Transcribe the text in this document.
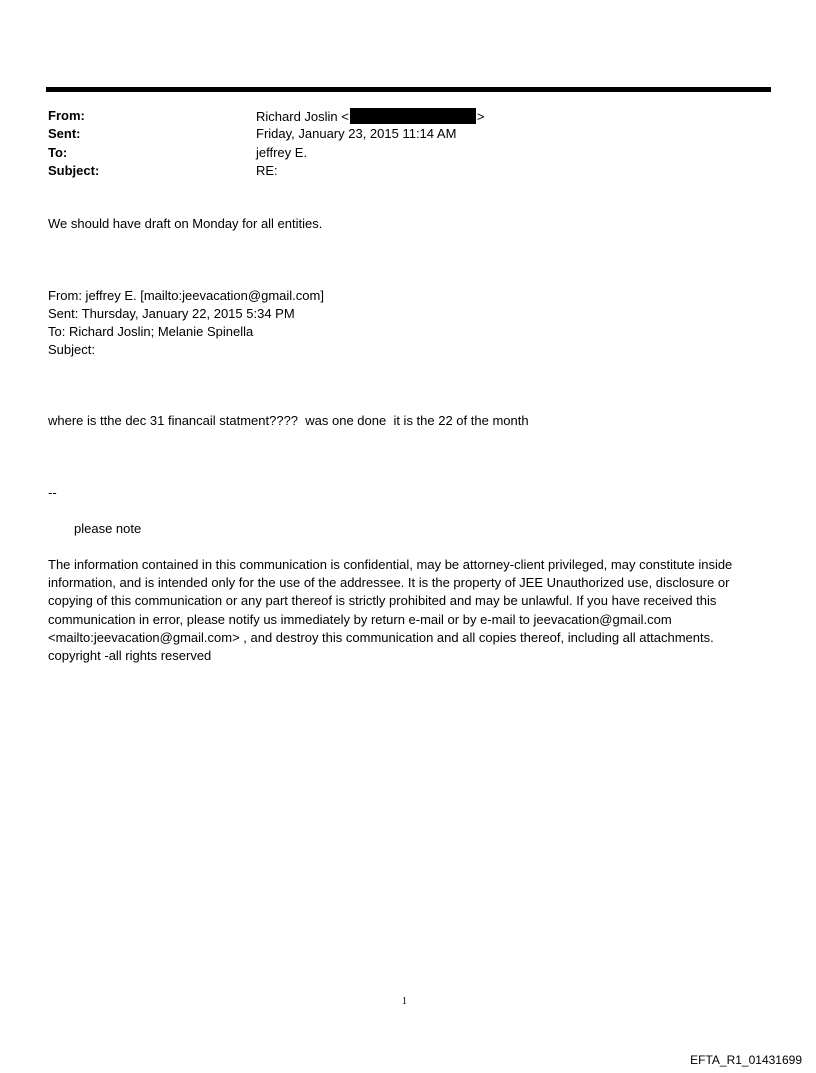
From:	Richard Joslin <	>
Sent:	Friday, January 23, 2015 11:14 AM
To:	jeffrey E.
Subject:	RE:
We should have draft on Monday for all entities.
From: jeffrey E. [mailto:jeevacation@gmail.com]
Sent: Thursday, January 22, 2015 5:34 PM
To: Richard Joslin; Melanie Spinella
Subject:
where is tthe dec 31 financail statment????  was one done  it is the 22 of the month
--
please note
The information contained in this communication is confidential, may be attorney-client privileged, may constitute inside information, and is intended only for the use of the addressee. It is the property of JEE Unauthorized use, disclosure or copying of this communication or any part thereof is strictly prohibited and may be unlawful. If you have received this communication in error, please notify us immediately by return e-mail or by e-mail to jeevacation@gmail.com <mailto:jeevacation@gmail.com> , and destroy this communication and all copies thereof, including all attachments. copyright -all rights reserved
1
EFTA_R1_01431699
